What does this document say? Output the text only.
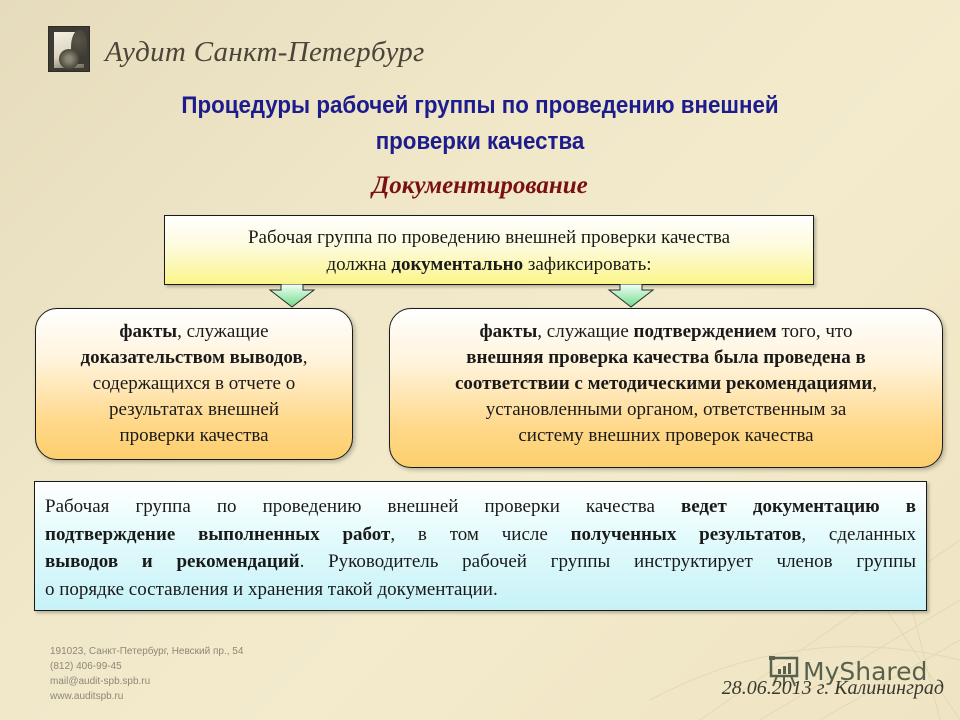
Аудит Санкт-Петербург
Процедуры рабочей группы по проведению внешней
проверки качества
Документирование
Рабочая группа по проведению внешней проверки качества
должна документально зафиксировать:
факты, служащие
доказательством выводов,
содержащихся в отчете о
результатах внешней
проверки качества
факты, служащие подтверждением того, что
внешняя проверка качества была проведена в
соответствии с методическими рекомендациями,
установленными органом, ответственным за
систему внешних проверок качества
Рабочая группа по проведению внешней проверки качества ведет документацию в
подтверждение выполненных работ, в том числе полученных результатов, сделанных
выводов и рекомендаций. Руководитель рабочей группы инструктирует членов группы
о порядке составления и хранения такой документации.
191023, Санкт-Петербург, Невский пр., 54
(812) 406-99-45
mail@audit-spb.spb.ru
www.auditspb.ru
MyShared
28.06.2013 г. Калининград
